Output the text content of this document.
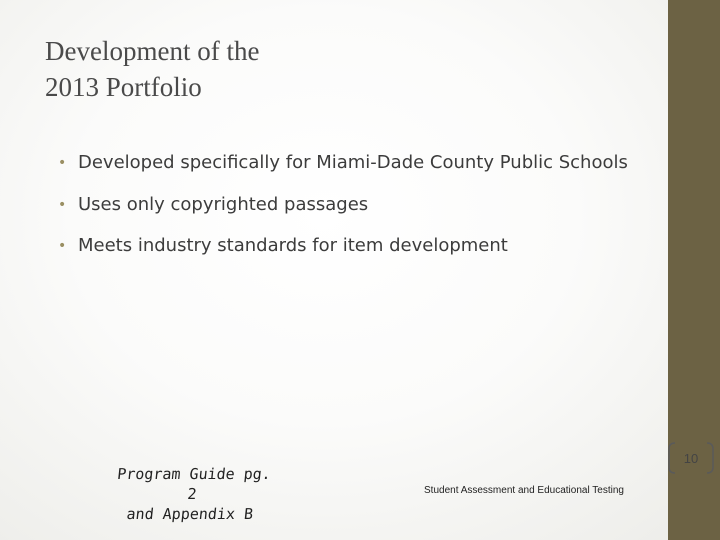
Development of the
2013 Portfolio
• Developed specifically for Miami-Dade County Public Schools
• Uses only copyrighted passages
• Meets industry standards for item development
Program Guide pg. 2
and Appendix B
Student Assessment and Educational Testing
10
